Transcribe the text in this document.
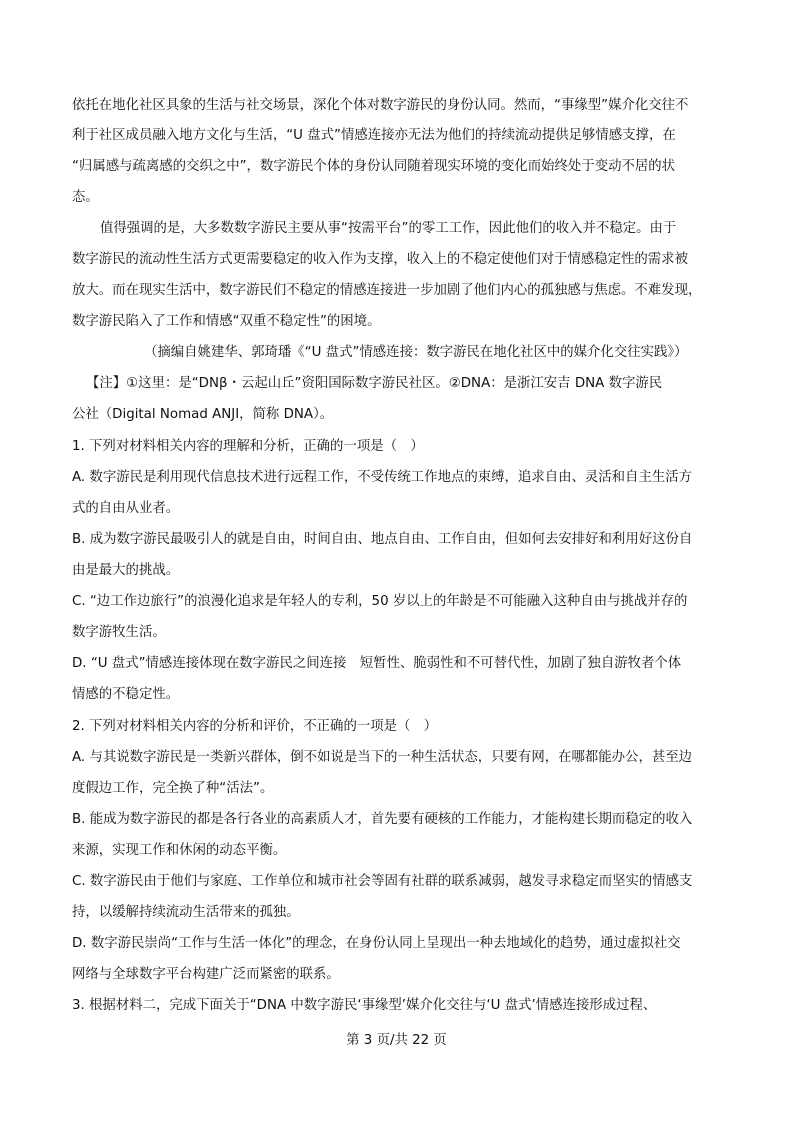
依托在地化社区具象的生活与社交场景，深化个体对数字游民的身份认同。然而，“事缘型”媒介化交往不
利于社区成员融入地方文化与生活，“U 盘式”情感连接亦无法为他们的持续流动提供足够情感支撑，在
“归属感与疏离感的交织之中”，数字游民个体的身份认同随着现实环境的变化而始终处于变动不居的状
态。
值得强调的是，大多数数字游民主要从事“按需平台”的零工工作，因此他们的收入并不稳定。由于
数字游民的流动性生活方式更需要稳定的收入作为支撑，收入上的不稳定使他们对于情感稳定性的需求被
放大。而在现实生活中，数字游民们不稳定的情感连接进一步加剧了他们内心的孤独感与焦虑。不难发现，
数字游民陷入了工作和情感“双重不稳定性”的困境。
（摘编自姚建华、郭琦璠《“U 盘式”情感连接：数字游民在地化社区中的媒介化交往实践》）
【注】①这里：是“DNβ・云起山丘”资阳国际数字游民社区。②DNA：是浙江安吉 DNA 数字游民
公社（Digital Nomad ANJI，简称 DNA）。
1. 下列对材料相关内容的理解和分析，正确的一项是（　）
A. 数字游民是利用现代信息技术进行远程工作，不受传统工作地点的束缚，追求自由、灵活和自主生活方
式的自由从业者。
B. 成为数字游民最吸引人的就是自由，时间自由、地点自由、工作自由，但如何去安排好和利用好这份自
由是最大的挑战。
C. “边工作边旅行”的浪漫化追求是年轻人的专利，50 岁以上的年龄是不可能融入这种自由与挑战并存的
数字游牧生活。
D. “U 盘式”情感连接体现在数字游民之间连接　短暂性、脆弱性和不可替代性，加剧了独自游牧者个体
情感的不稳定性。
2. 下列对材料相关内容的分析和评价，不正确的一项是（　）
A. 与其说数字游民是一类新兴群体，倒不如说是当下的一种生活状态，只要有网，在哪都能办公，甚至边
度假边工作，完全换了种“活法”。
B. 能成为数字游民的都是各行各业的高素质人才，首先要有硬核的工作能力，才能构建长期而稳定的收入
来源，实现工作和休闲的动态平衡。
C. 数字游民由于他们与家庭、工作单位和城市社会等固有社群的联系减弱，越发寻求稳定而坚实的情感支
持，以缓解持续流动生活带来的孤独。
D. 数字游民崇尚“工作与生活一体化”的理念，在身份认同上呈现出一种去地域化的趋势，通过虚拟社交
网络与全球数字平台构建广泛而紧密的联系。
3. 根据材料二，完成下面关于“DNA 中数字游民‘事缘型’媒介化交往与‘U 盘式’情感连接形成过程、
第 3 页/共 22 页
